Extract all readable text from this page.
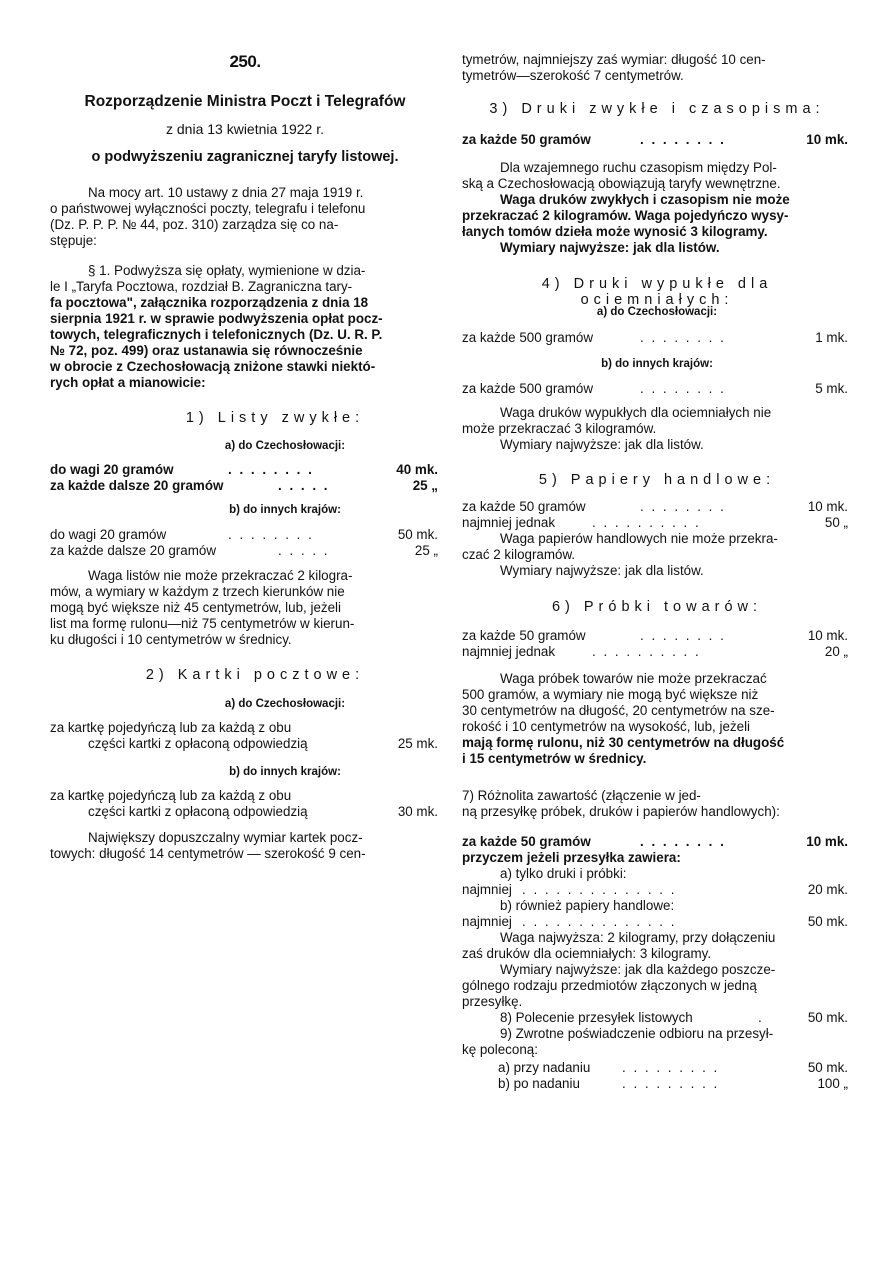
250.
Rozporządzenie Ministra Poczt i Telegrafów
z dnia 13 kwietnia 1922 r.
o podwyższeniu zagranicznej taryfy listowej.
Na mocy art. 10 ustawy z dnia 27 maja 1919 r.
o państwowej wyłączności poczty, telegrafu i telefonu
(Dz. P. P. P. № 44, poz. 310) zarządza się co na-
stępuje:
§ 1. Podwyższa się opłaty, wymienione w dzia-
le I „Taryfa Pocztowa, rozdział B. Zagraniczna tary-
fa pocztowa", załącznika rozporządzenia z dnia 18
sierpnia 1921 r. w sprawie podwyższenia opłat pocz-
towych, telegraficznych i telefonicznych (Dz. U. R. P.
№ 72, poz. 499) oraz ustanawia się równocześnie
w obrocie z Czechosłowacją zniżone stawki niektó-
rych opłat a mianowicie:
1) Listy zwykłe:
a) do Czechosłowacji:
do wagi 20 gramów	. . . . . . . .	40 mk.
za każde dalsze 20 gramów	. . . . .	25 „
b) do innych krajów:
do wagi 20 gramów	. . . . . . . .	50 mk.
za każde dalsze 20 gramów	. . . . .	25 „
Waga listów nie może przekraczać 2 kilogra-
mów, a wymiary w każdym z trzech kierunków nie
mogą być większe niż 45 centymetrów, lub, jeżeli
list ma formę rulonu—niż 75 centymetrów w kierun-
ku długości i 10 centymetrów w średnicy.
2) Kartki pocztowe:
a) do Czechosłowacji:
za kartkę pojedyńczą lub za każdą z obu
części kartki z opłaconą odpowiedzią	25 mk.
b) do innych krajów:
za kartkę pojedyńczą lub za każdą z obu
części kartki z opłaconą odpowiedzią	30 mk.
Największy dopuszczalny wymiar kartek pocz-
towych: długość 14 centymetrów — szerokość 9 cen-
tymetrów, najmniejszy zaś wymiar: długość 10 cen-
tymetrów—szerokość 7 centymetrów.
3) Druki zwykłe i czasopisma:
za każde 50 gramów	. . . . . . . .	10 mk.
Dla wzajemnego ruchu czasopism między Pol-
ską a Czechosłowacją obowiązują taryfy wewnętrzne.
Waga druków zwykłych i czasopism nie może
przekraczać 2 kilogramów. Waga pojedyńczo wysy-
łanych tomów dzieła może wynosić 3 kilogramy.
Wymiary najwyższe: jak dla listów.
4) Druki wypukłe dla ociemniałych:
a) do Czechosłowacji:
za każde 500 gramów	. . . . . . . .	1 mk.
b) do innych krajów:
za każde 500 gramów	. . . . . . . .	5 mk.
Waga druków wypukłych dla ociemniałych nie
może przekraczać 3 kilogramów.
Wymiary najwyższe: jak dla listów.
5) Papiery handlowe:
za każde 50 gramów	. . . . . . . .	10 mk.
najmniej jednak	. . . . . . . . . .	50 „
Waga papierów handlowych nie może przekra-
czać 2 kilogramów.
Wymiary najwyższe: jak dla listów.
6) Próbki towarów:
za każde 50 gramów	. . . . . . . .	10 mk.
najmniej jednak	. . . . . . . . . .	20 „
Waga próbek towarów nie może przekraczać
500 gramów, a wymiary nie mogą być większe niż
30 centymetrów na długość, 20 centymetrów na sze-
rokość i 10 centymetrów na wysokość, lub, jeżeli
mają formę rulonu, niż 30 centymetrów na długość
i 15 centymetrów w średnicy.
7) Różnolita zawartość (złączenie w jed-
ną przesyłkę próbek, druków i papierów handlowych):
za każde 50 gramów	. . . . . . . .	10 mk.
przyczem jeżeli przesyłka zawiera:
a) tylko druki i próbki:
najmniej . . . . . . . . . . . . . .	20 mk.
b) również papiery handlowe:
najmniej . . . . . . . . . . . . . .	50 mk.
Waga najwyższa: 2 kilogramy, przy dołączeniu
zaś druków dla ociemniałych: 3 kilogramy.
Wymiary najwyższe: jak dla każdego poszcze-
gólnego rodzaju przedmiotów złączonych w jedną
przesyłkę.
8) Polecenie przesyłek listowych	.	50 mk.
9) Zwrotne poświadczenie odbioru na przesył-
kę poleconą:
a) przy nadaniu . . . . . . . . .	50 mk.
b) po nadaniu	. . . . . . . . .	100 „
